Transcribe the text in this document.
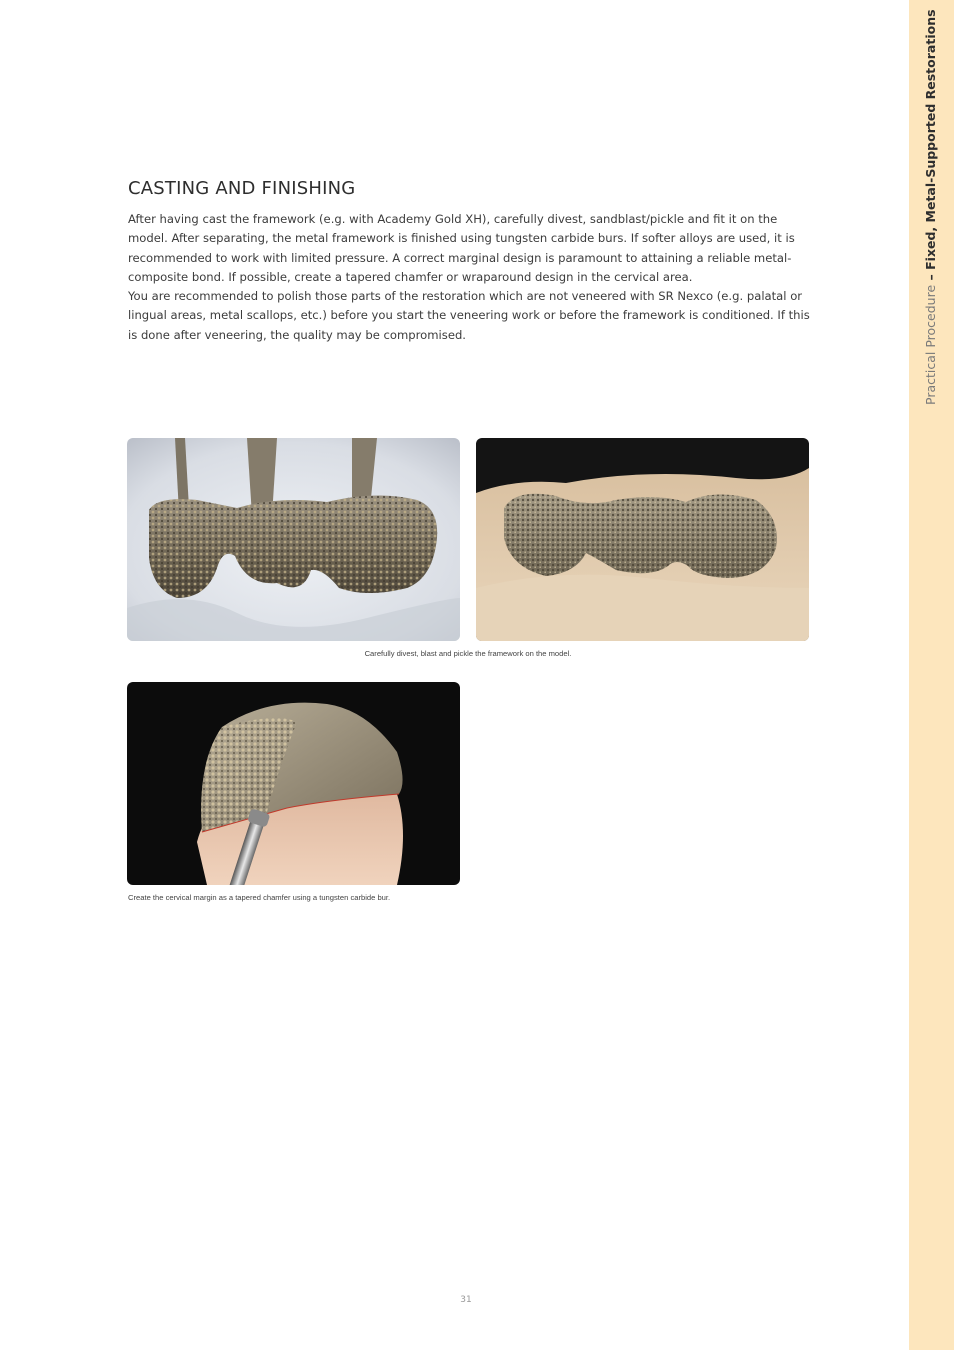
Practical Procedure – Fixed, Metal-Supported Restorations
CASTING AND FINISHING

After having cast the framework (e.g. with Academy Gold XH), carefully divest, sandblast/pickle and fit it on the model. After separating, the metal framework is finished using tungsten carbide burs. If softer alloys are used, it is recommended to work with limited pressure. A correct marginal design is paramount to attaining a reliable metal-composite bond. If possible, create a tapered chamfer or wraparound design in the cervical area.

You are recommended to polish those parts of the restoration which are not veneered with SR Nexco (e.g. palatal or lingual areas, metal scallops, etc.) before you start the veneering work or before the framework is conditioned. If this is done after veneering, the quality may be compromised.

Carefully divest, blast and pickle the framework on the model.
Create the cervical margin as a tapered chamfer using a tungsten carbide bur.
31
